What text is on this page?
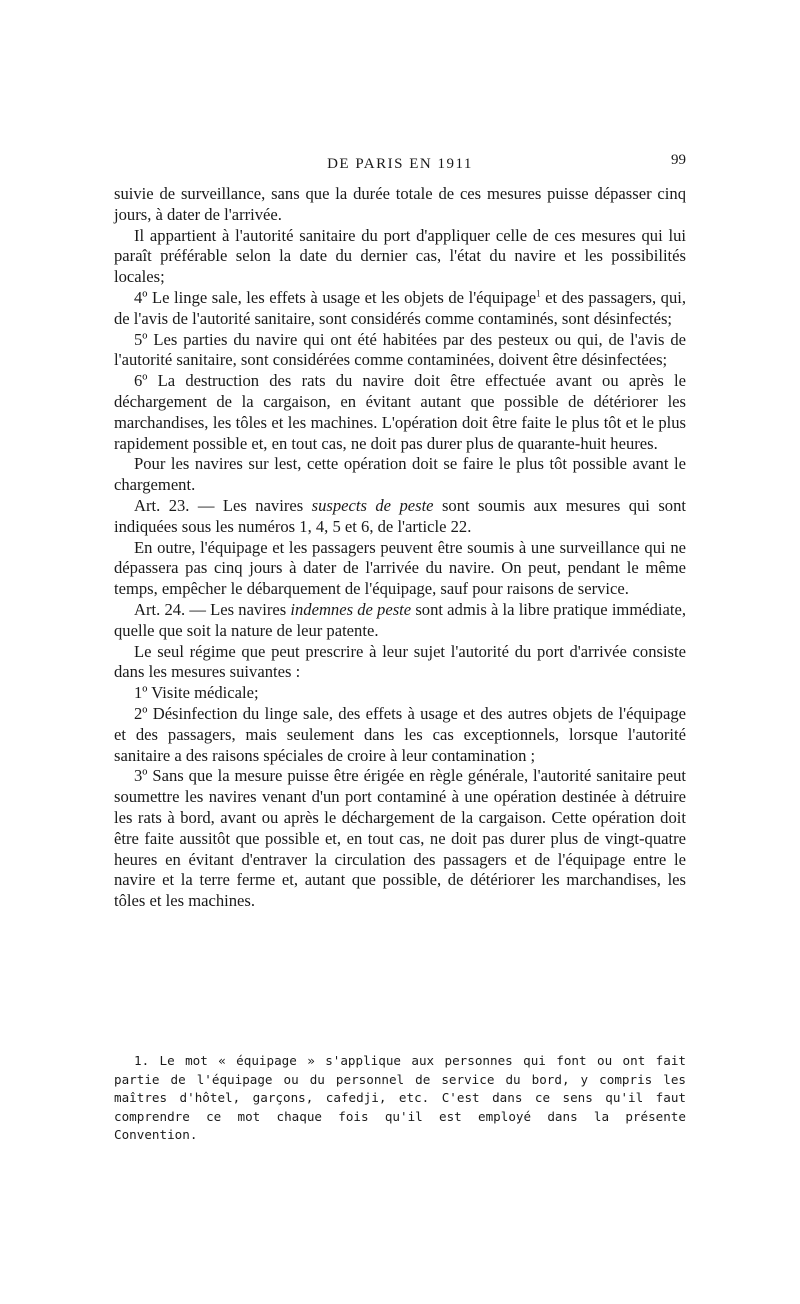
DE PARIS EN 1911	99

suivie de surveillance, sans que la durée totale de ces mesures puisse dépasser cinq jours, à dater de l'arrivée.

Il appartient à l'autorité sanitaire du port d'appliquer celle de ces mesures qui lui paraît préférable selon la date du dernier cas, l'état du navire et les possibilités locales;

4º Le linge sale, les effets à usage et les objets de l'équipage$^1$ et des passagers, qui, de l'avis de l'autorité sanitaire, sont considérés comme contaminés, sont désinfectés;

5º Les parties du navire qui ont été habitées par des pesteux ou qui, de l'avis de l'autorité sanitaire, sont considérées comme contaminées, doivent être désinfectées;

6º La destruction des rats du navire doit être effectuée avant ou après le déchargement de la cargaison, en évitant autant que possible de détériorer les marchandises, les tôles et les machines. L'opération doit être faite le plus tôt et le plus rapidement possible et, en tout cas, ne doit pas durer plus de quarante-huit heures.

Pour les navires sur lest, cette opération doit se faire le plus tôt possible avant le chargement.

Art. 23. — Les navires suspects de peste sont soumis aux mesures qui sont indiquées sous les numéros 1, 4, 5 et 6, de l'article 22.

En outre, l'équipage et les passagers peuvent être soumis à une surveillance qui ne dépassera pas cinq jours à dater de l'arrivée du navire. On peut, pendant le même temps, empêcher le débarquement de l'équipage, sauf pour raisons de service.

Art. 24. — Les navires indemnes de peste sont admis à la libre pratique immédiate, quelle que soit la nature de leur patente.

Le seul régime que peut prescrire à leur sujet l'autorité du port d'arrivée consiste dans les mesures suivantes :

1º Visite médicale;

2º Désinfection du linge sale, des effets à usage et des autres objets de l'équipage et des passagers, mais seulement dans les cas exceptionnels, lorsque l'autorité sanitaire a des raisons spéciales de croire à leur contamination ;

3º Sans que la mesure puisse être érigée en règle générale, l'autorité sanitaire peut soumettre les navires venant d'un port contaminé à une opération destinée à détruire les rats à bord, avant ou après le déchargement de la cargaison. Cette opération doit être faite aussitôt que possible et, en tout cas, ne doit pas durer plus de vingt-quatre heures en évitant d'entraver la circulation des passagers et de l'équipage entre le navire et la terre ferme et, autant que possible, de détériorer les marchandises, les tôles et les machines.

1. Le mot « équipage » s'applique aux personnes qui font ou ont fait partie de l'équipage ou du personnel de service du bord, y compris les maîtres d'hôtel, garçons, cafedji, etc. C'est dans ce sens qu'il faut comprendre ce mot chaque fois qu'il est employé dans la présente Convention.
